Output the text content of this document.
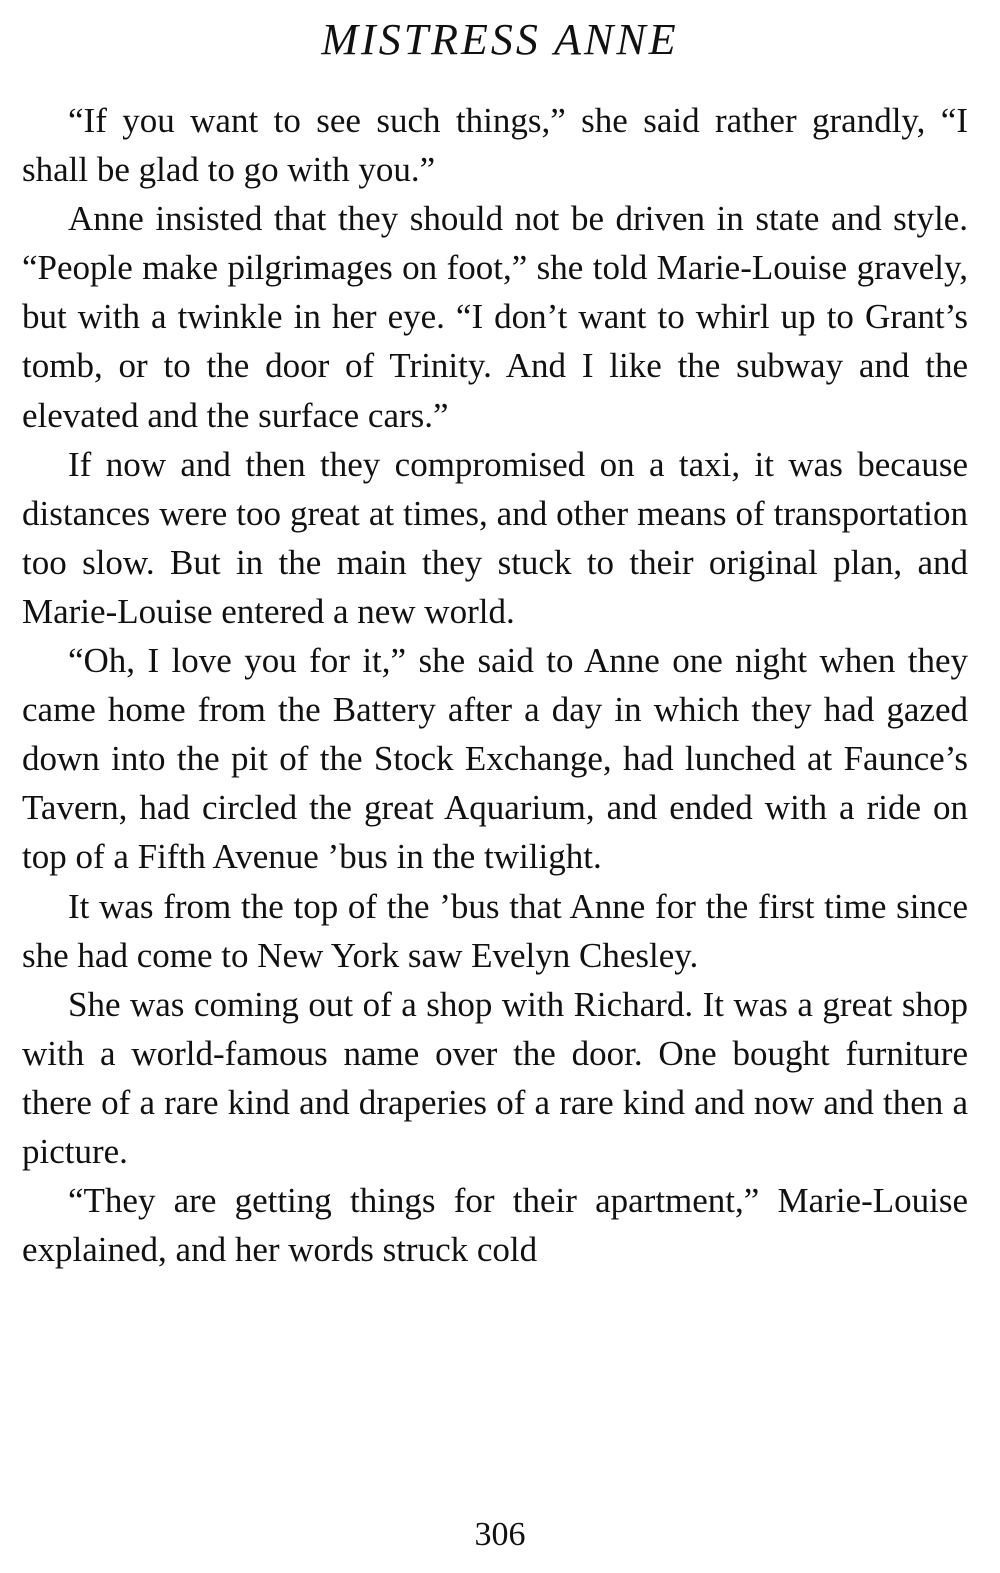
MISTRESS ANNE

“If you want to see such things,” she said rather grandly, “I shall be glad to go with you.”

Anne insisted that they should not be driven in state and style. “People make pilgrimages on foot,” she told Marie-Louise gravely, but with a twinkle in her eye. “I don’t want to whirl up to Grant’s tomb, or to the door of Trinity. And I like the subway and the elevated and the surface cars.”

If now and then they compromised on a taxi, it was because distances were too great at times, and other means of transportation too slow. But in the main they stuck to their original plan, and Marie-Louise entered a new world.

“Oh, I love you for it,” she said to Anne one night when they came home from the Battery after a day in which they had gazed down into the pit of the Stock Exchange, had lunched at Faunce’s Tavern, had circled the great Aquarium, and ended with a ride on top of a Fifth Avenue ’bus in the twilight.

It was from the top of the ’bus that Anne for the first time since she had come to New York saw Evelyn Chesley.

She was coming out of a shop with Richard. It was a great shop with a world-famous name over the door. One bought furniture there of a rare kind and draperies of a rare kind and now and then a picture.

“They are getting things for their apartment,” Marie-Louise explained, and her words struck cold

306
